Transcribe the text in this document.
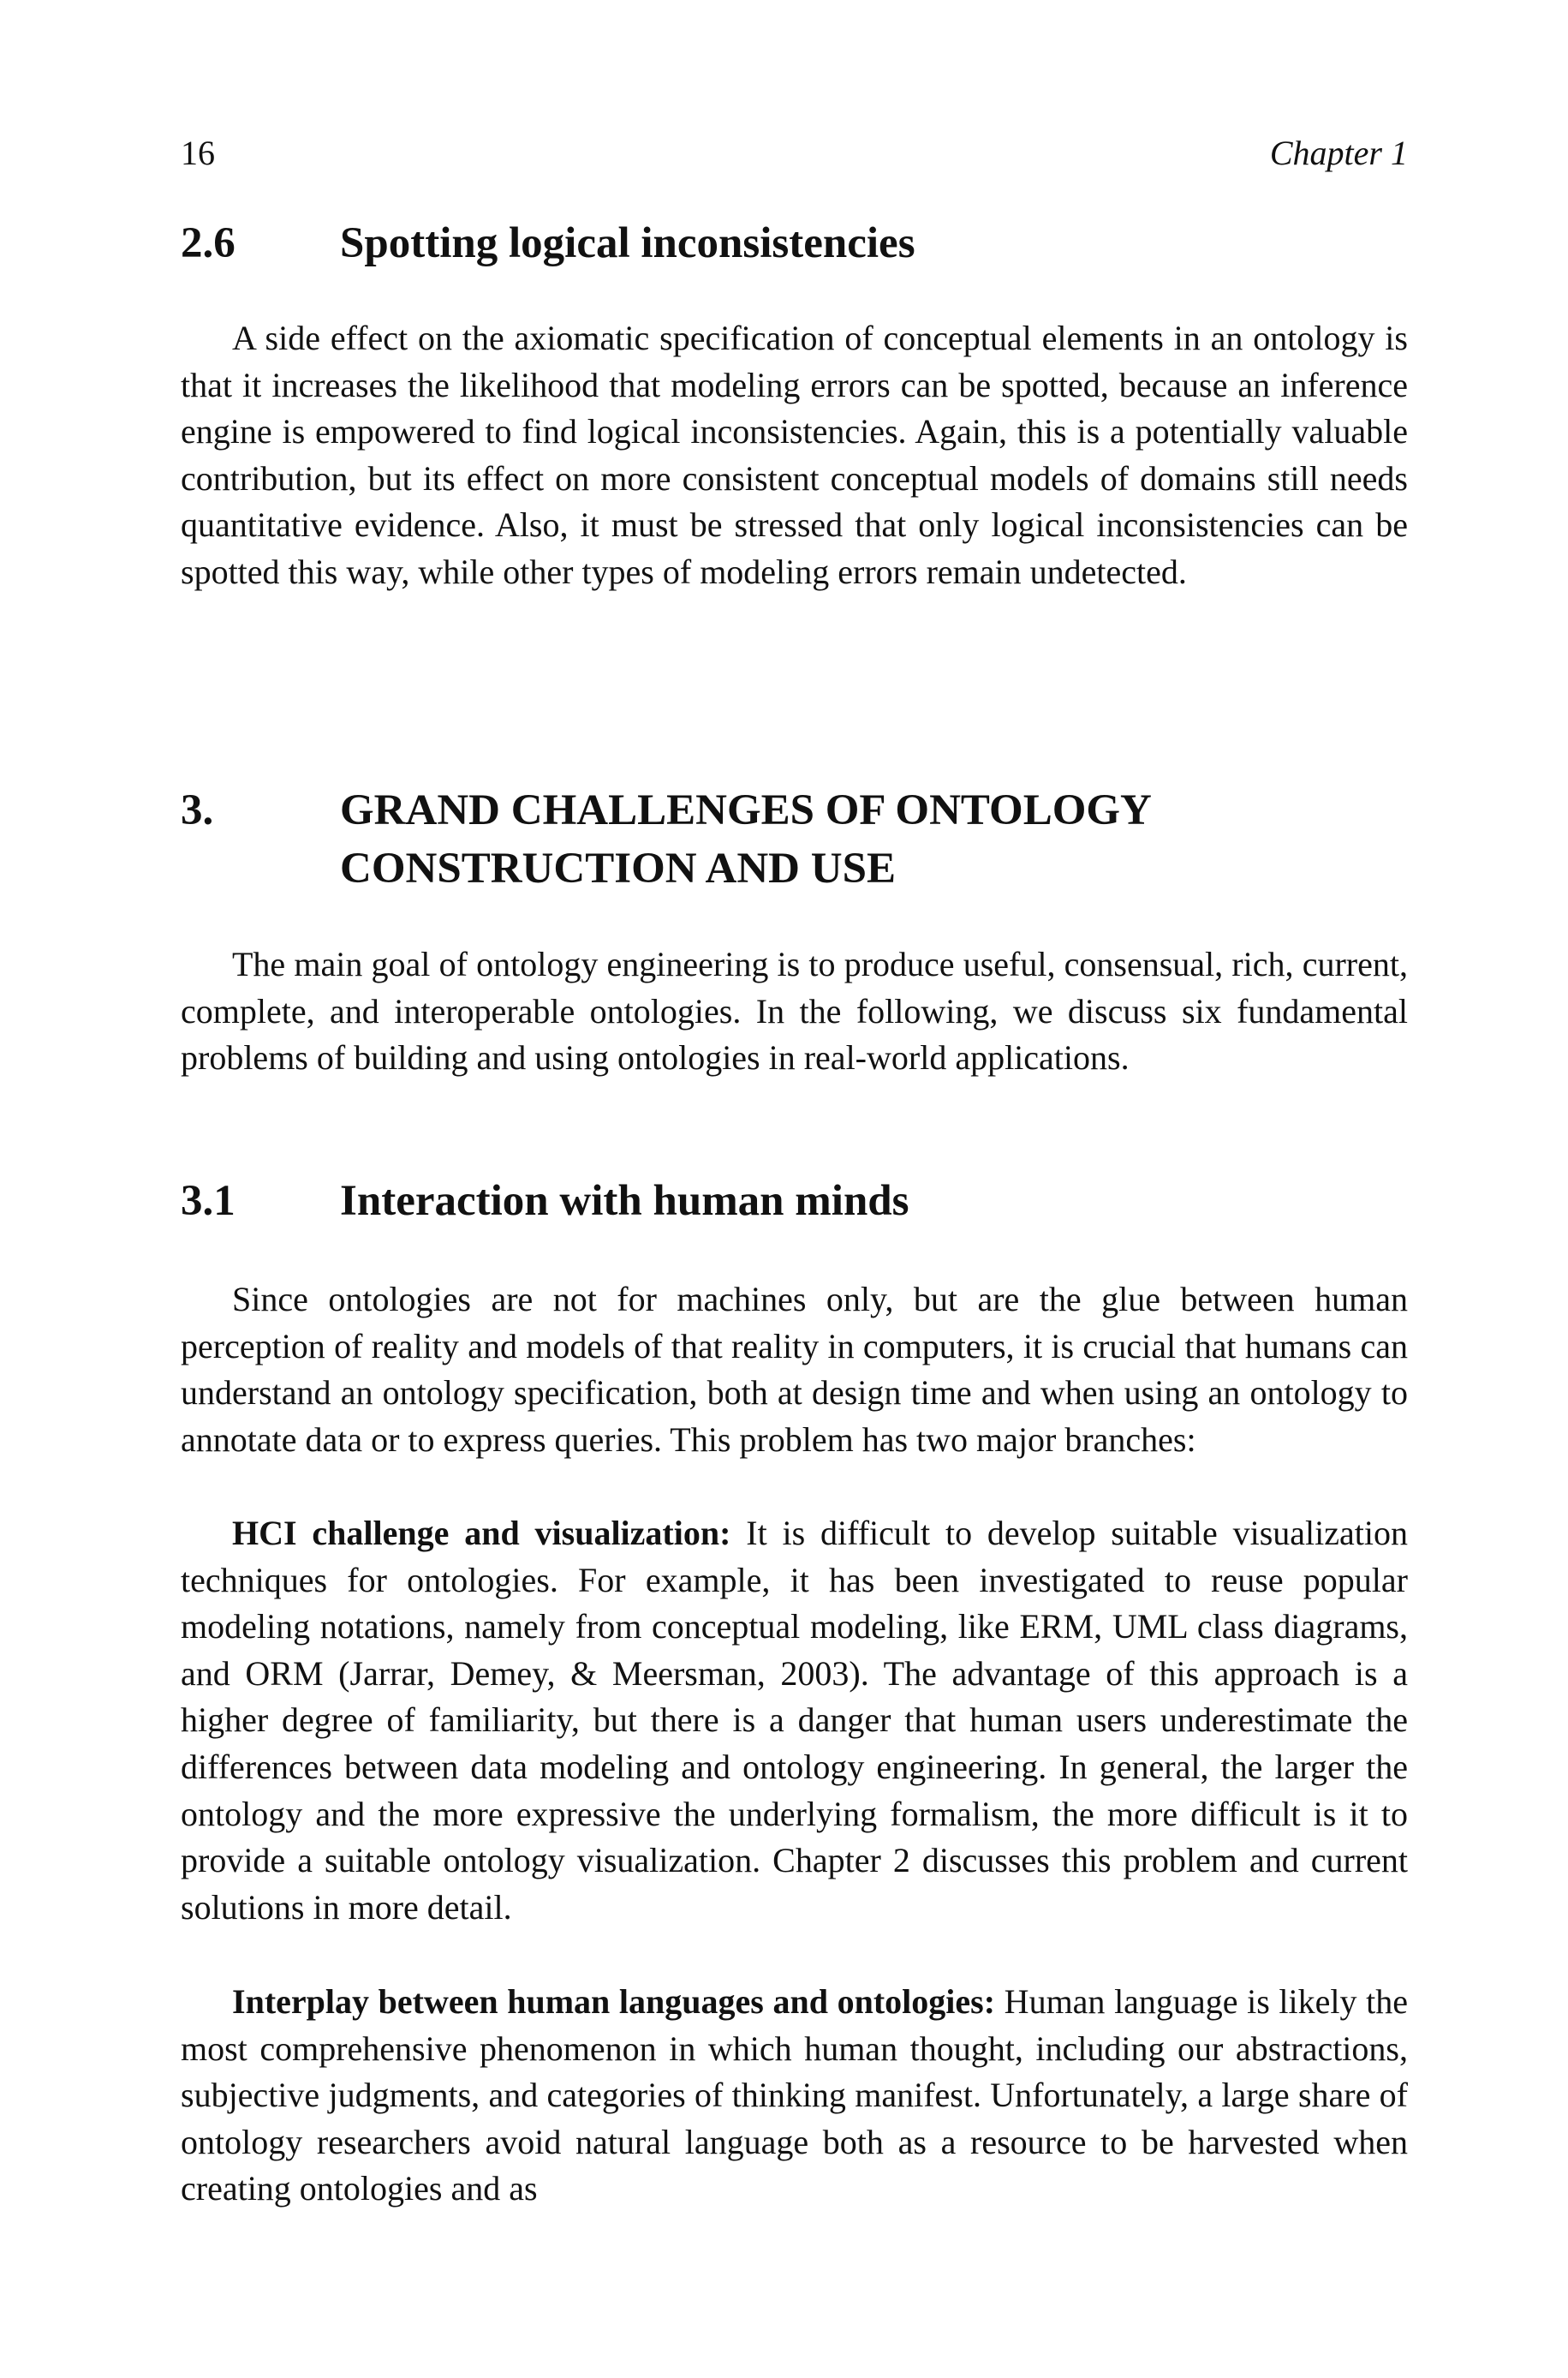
16	Chapter 1
2.6 Spotting logical inconsistencies

A side effect on the axiomatic specification of conceptual elements in an ontology is that it increases the likelihood that modeling errors can be spotted, because an inference engine is empowered to find logical inconsistencies. Again, this is a potentially valuable contribution, but its effect on more consistent conceptual models of domains still needs quantitative evidence. Also, it must be stressed that only logical inconsistencies can be spotted this way, while other types of modeling errors remain undetected.

3.	GRAND CHALLENGES OF ONTOLOGY
CONSTRUCTION AND USE

The main goal of ontology engineering is to produce useful, consensual, rich, current, complete, and interoperable ontologies. In the following, we discuss six fundamental problems of building and using ontologies in real-world applications.

3.1 Interaction with human minds

Since ontologies are not for machines only, but are the glue between human perception of reality and models of that reality in computers, it is crucial that humans can understand an ontology specification, both at design time and when using an ontology to annotate data or to express queries. This problem has two major branches:

HCI challenge and visualization: It is difficult to develop suitable visualization techniques for ontologies. For example, it has been investigated to reuse popular modeling notations, namely from conceptual modeling, like ERM, UML class diagrams, and ORM (Jarrar, Demey, & Meersman, 2003). The advantage of this approach is a higher degree of familiarity, but there is a danger that human users underestimate the differences between data modeling and ontology engineering. In general, the larger the ontology and the more expressive the underlying formalism, the more difficult is it to provide a suitable ontology visualization. Chapter 2 discusses this problem and current solutions in more detail.

Interplay between human languages and ontologies: Human language is likely the most comprehensive phenomenon in which human thought, including our abstractions, subjective judgments, and categories of thinking manifest. Unfortunately, a large share of ontology researchers avoid natural language both as a resource to be harvested when creating ontologies and as
